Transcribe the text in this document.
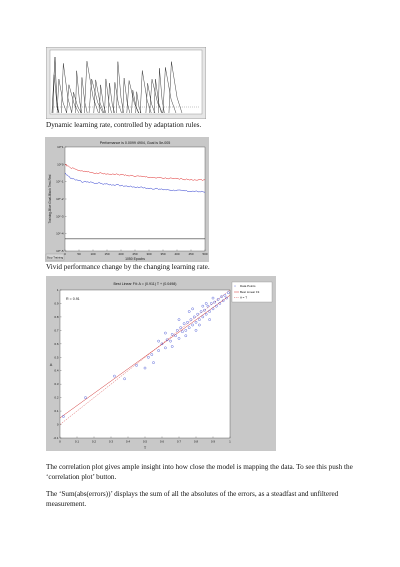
Dynamic learning rate, controlled by adaptation rules.
Performance is 0.0099 4904, Goal is 5e-005
Training-Blue Goal-Black Test-Red
1050 Epochs
Stop Training
0	50	100	150	200	250	300	350	400	450	500
10^-5
10^-4
10^-3
10^-2
10^-1
10^0
10^1
Vivid performance change by the changing learning rate.
Best Linear Fit: A = (0.911) T + (0.0498)
R = 0.91
T
A
○ Data Points
Best Linear Fit
A = T
0	0.1	0.2	0.3	0.4	0.5	0.6	0.7	0.8	0.9	1
-0.1
0
0.1
0.2
0.3
0.4
0.5
0.6
0.7
0.8
0.9
1
The correlation plot gives ample insight into how close the model is mapping the data. To see this push the ‘correlation plot’ button.
The ‘Sum(abs(errors))’ displays the sum of all the absolutes of the errors, as a steadfast and unfiltered measurement.
